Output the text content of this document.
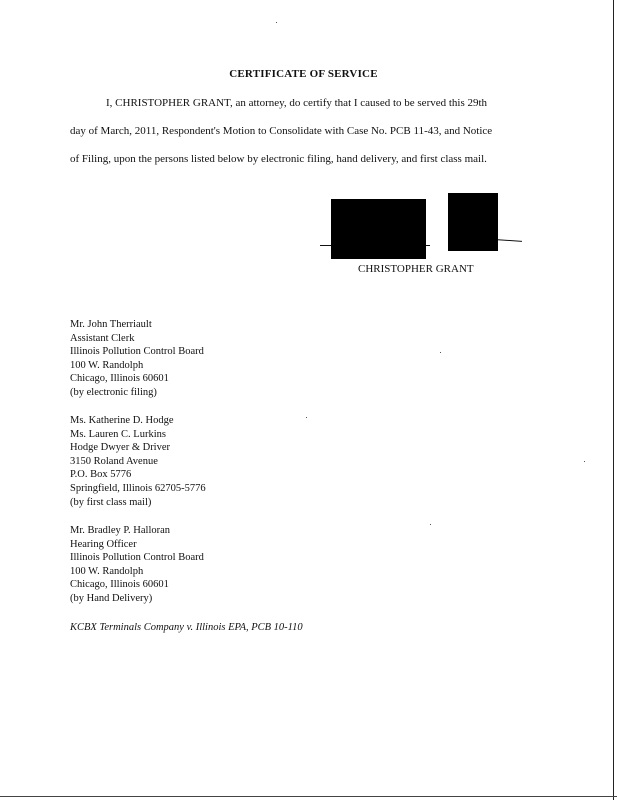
CERTIFICATE OF SERVICE
I, CHRISTOPHER GRANT, an attorney, do certify that I caused to be served this 29th
day of March, 2011, Respondent's Motion to Consolidate with Case No. PCB 11-43, and Notice
of Filing, upon the persons listed below by electronic filing, hand delivery, and first class mail.
CHRISTOPHER GRANT
Mr. John Therriault
Assistant Clerk
Illinois Pollution Control Board
100 W. Randolph
Chicago, Illinois 60601
(by electronic filing)
Ms. Katherine D. Hodge
Ms. Lauren C. Lurkins
Hodge Dwyer & Driver
3150 Roland Avenue
P.O. Box 5776
Springfield, Illinois 62705-5776
(by first class mail)
Mr. Bradley P. Halloran
Hearing Officer
Illinois Pollution Control Board
100 W. Randolph
Chicago, Illinois 60601
(by Hand Delivery)
KCBX Terminals Company v. Illinois EPA, PCB 10-110
